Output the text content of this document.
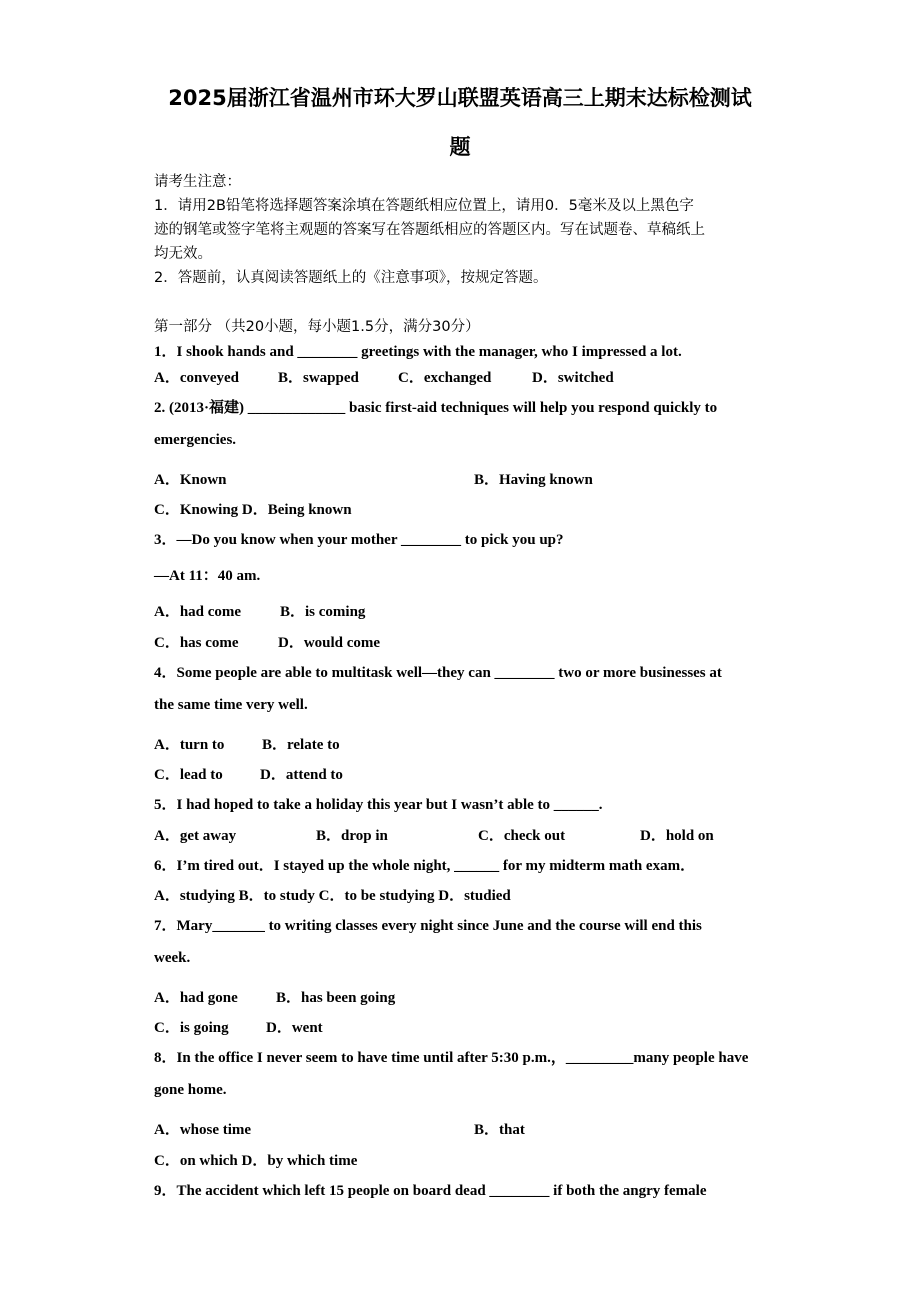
2025届浙江省温州市环大罗山联盟英语高三上期末达标检测试
题
请考生注意：
1．请用2B铅笔将选择题答案涂填在答题纸相应位置上，请用0．5毫米及以上黑色字
迹的钢笔或签字笔将主观题的答案写在答题纸相应的答题区内。写在试题卷、草稿纸上
均无效。
2．答题前，认真阅读答题纸上的《注意事项》，按规定答题。
第一部分 （共20小题，每小题1.5分，满分30分）
1．I shook hands and ________ greetings with the manager, who I impressed a lot.
A．conveyed	B．swapped	C．exchanged	D．switched
2. (2013·福建) _____________ basic first-aid techniques will help you respond quickly to
emergencies.
A．Known	B．Having known
C．Knowing D．Being known
3．—Do you know when your mother ________ to pick you up?
—At 11：40 am.
A．had come	B．is coming
C．has come	D．would come
4．Some people are able to multitask well—they can ________ two or more businesses at
the same time very well.
A．turn to	B．relate to
C．lead to D．attend to
5．I had hoped to take a holiday this year but I wasn’t able to ______.
A．get away	B．drop in	C．check out	D．hold on
6．I’m tired out．I stayed up the whole night, ______ for my midterm math exam．
A．studying B．to study C．to be studying D．studied
7．Mary_______ to writing classes every night since June and the course will end this
week.
A．had gone	B．has been going
C．is going D．went
8．In the office I never seem to have time until after 5:30 p.m.，_________many people have
gone home.
A．whose time	B．that
C．on which D．by which time
9．The accident which left 15 people on board dead ________ if both the angry female
